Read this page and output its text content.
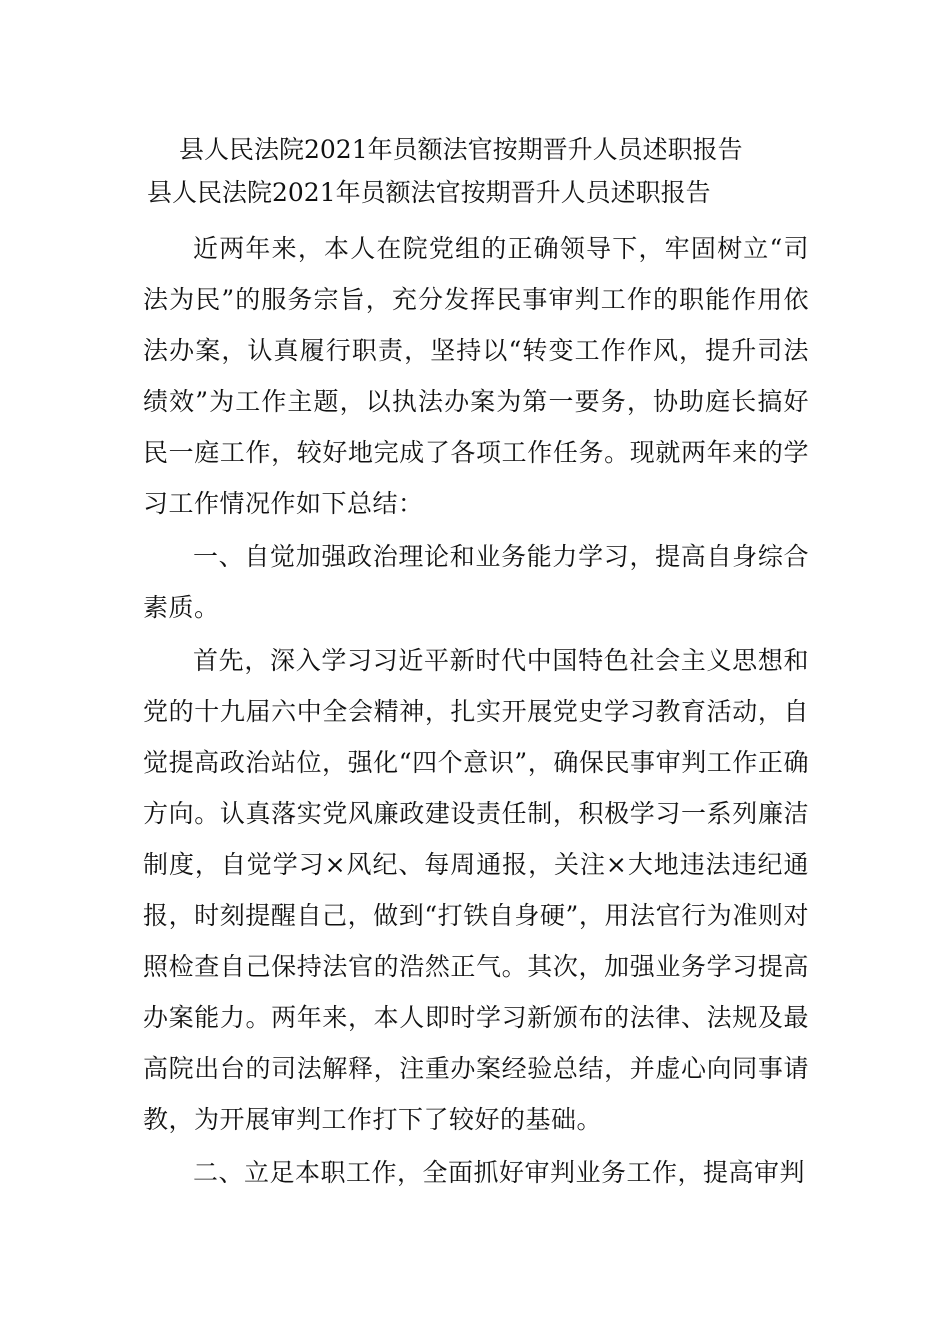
县人民法院2021年员额法官按期晋升人员述职报告
县人民法院2021年员额法官按期晋升人员述职报告

近两年来，本人在院党组的正确领导下，牢固树立“司法为民”的服务宗旨，充分发挥民事审判工作的职能作用依法办案，认真履行职责，坚持以“转变工作作风，提升司法绩效”为工作主题，以执法办案为第一要务，协助庭长搞好民一庭工作，较好地完成了各项工作任务。现就两年来的学习工作情况作如下总结：

一、自觉加强政治理论和业务能力学习，提高自身综合素质。

首先，深入学习习近平新时代中国特色社会主义思想和党的十九届六中全会精神，扎实开展党史学习教育活动，自觉提高政治站位，强化“四个意识”，确保民事审判工作正确方向。认真落实党风廉政建设责任制，积极学习一系列廉洁制度，自觉学习×风纪、每周通报，关注×大地违法违纪通报，时刻提醒自己，做到“打铁自身硬”，用法官行为准则对照检查自己保持法官的浩然正气。其次，加强业务学习提高办案能力。两年来，本人即时学习新颁布的法律、法规及最高院出台的司法解释，注重办案经验总结，并虚心向同事请教，为开展审判工作打下了较好的基础。

二、立足本职工作，全面抓好审判业务工作，提高审判
